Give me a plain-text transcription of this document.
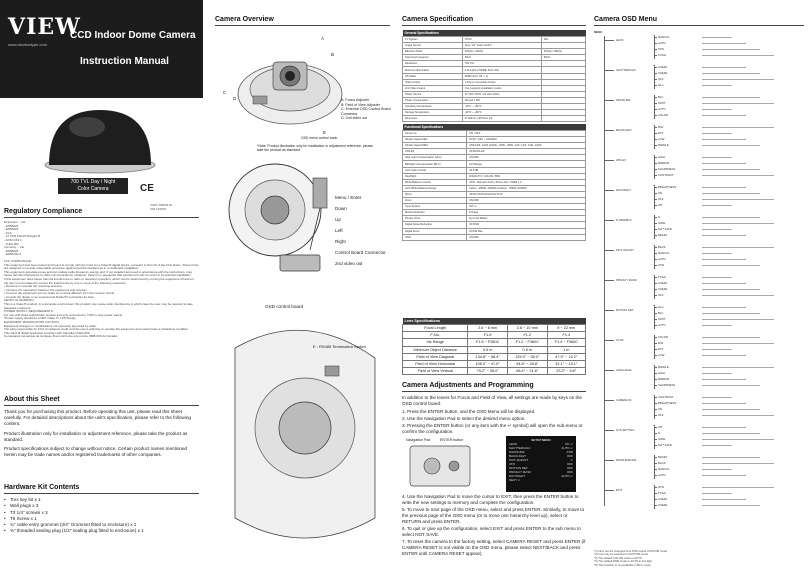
VIEW
www.dwviewtype.com
CCD Indoor Dome Camera
Instruction Manual
700 TVL Day / Night
Color Camera	CE
VS37-700FIN-W
VW-713070
Regulatory Compliance
Emissions: - CE
- EN55022
- EN55022
- FCC
- 47 CFR Part15 Subpart B
- ANSI C63.4
- ICES-003
Immunity: - CE
- EN55024
- EN50130-4
FCC COMPLIANCE:
This equipment has been tested and found to comply with the limits for a Class B digital device, pursuant to Part 15 of the FCC Rules. These limits are designed to provide reasonable protection against harmful interference in a residential installation.
This equipment generates uses and can radiate radio frequency energy and, if not installed and used in accordance with the instructions, may cause harmful interference to radio communications. However, there is no guarantee that interference will not occur in a particular installation.
If this equipment does cause harmful interference to radio or television reception, which can be determined by turning the equipment off and on, the user is encouraged to correct the interference by one or more of the following measures:
• Reorient or relocate the receiving antenna.
• Increase the separation between the equipment and receiver.
• Connect the equipment into an outlet on a circuit different from the receiver circuit.
• Consult the dealer or an experienced Radio/TV technician for help.
CE/IPX LE WARNING
This is a Class B product. In a domestic environment this product may cause radio interference in which case the user may be required to take adequate measures.
POWER SUPPLY REQUIREMENTS:
For use with listed Audio/Video product and only connected to 7/3W or less power supply.
*Power supply should be a NEC Class 2 / LPS Supply.
EQUIPMENT MODIFICATION CAUTION:
Equipment changes or modifications not expressly approved by seller.
The party responsible for FCC compliance could void the user's authority to operate the equipment and could create a hazardous condition.
This class B digital apparatus complies with Canadian ICES-003.
Cet appareil numerique de la classe B est conforme a la norme NMB-003 du Canada.
About this Sheet

Thank you for purchasing this product. Before operating this unit, please read this sheet carefully. For detailed descriptions about the unit's specification, please refer to the following content.

Product illustration only for installation or adjustment reference, please take the product as standard.

Product specifications subject to change without notice. Certain product names mentioned herein may be trade names and/or registered trademarks of other companies.

Hardware Kit Contents
• Torx key bit x 1
• Wall plugs x 3
• T3 1/4" screws x 3
• T6 Screw x 1
• ¾" cable entry grommet (3/4" Grommet fitted to enclosure) x 1
• ⅜" threaded sealing plug (1/2" sealing plug fitted to enclosure) x 1
Camera Overview
A
B
C
D
E
A: Focus Adjuster
B: Field of View Adjuster
C: External OSD Control Board Connector
D: 2nd video out
OSD menu control bank
*Note: Product illustration only for installation or adjustment reference, please take the product as standard.
Menu / Enter
Down
Up
Left
Right
Control Board Connector
2nd video out
OSD control board
E : RS485 Termination Switch
Camera Specification
General Specifications		
TV System	NTSC	PAL
Image Sensor	Sony 1/3" Super HAD II	
Effective Pixels	976(H) x 494(V)	976(H) x 582(V)
Scanning Frequency	60Hz	50Hz
Resolution	700 TVL	
Minimum Illumination	0.3Lux(F1.2,50IRE, AGC ON)	
S/N Ratio	50dB (AGC Off, ≥ 1)	
Video Output	1.0Vp-p Composite Output	
2nd Video Output	Yes (supports installation mode)	
Power Source	12 VDC ±10% / 24 VAC ±10%	
Power Consumption	Normal 1.2W	
Operating Temperature	-10°C ~ +50°C	
Storage Temperature	-20°C ~ +60°C	
Dimension	Φ 110mm x 96.5mm (H)	
Functional Specifications	
Sense Up	ON / OFF
Shutter Speed AES	NTSC: 1/60 ~ 1/100000
Shutter Speed MES	1/50-1/60, 1/120 (1/100), 1/250, 1/500, 1/1K, 1/2K, 1/4K, 1/10K
ATR-EX	OFF/ATR-EX
High Light Compensation (HLC)	ON/OFF
Backlight Compensation (BLC)	Full Range
AGC Gain Control	44.8 dB
Day/Night	DIN/AUTO / COLOR / B/W
White Balance Control	ATW / Manual / Push / Push Lock / USER 1,2
Auto White Balance Range	Indoor : 2800K~10000K Outdoor : 3000K~10000K
Mirror	OFF/V-FLIP/H-FLIP/HV-FLIP
Zoom	ON/OFF
Sync System	INT / L
Motion Detection	8 Areas
Privacy Zone	Up to 15 Masks
Digital Noise Reduction	3D DNR
Digital Zoom	ZOOM Max
OSD	ON/OFF
Lens Specifications			
Focal Length	2.6 ~ 6 mm	2.8 ~ 10 mm	9 ~ 22 mm
F-No.	F1.6	F1.2	F1.4
Iris Range	F1.6 ~ F360C	F1.2 ~ F360C	F1.4 ~ F360C
Minimum Object Distance	0.5 m	0.5 m	1 m
Field of View Diagonal	134.8° ~ 58.4°	125.9° ~ 36.0°	47.9° ~ 15.2°
Field of View Horizontal	106.0° ~ 47.0°	94.6° ~ 28.8°	32.1° ~ 15.1°
Field of View Vertical	79.2° ~ 35.0°	68.4° ~ 21.6°	23.3° ~ 9.6°
Camera Adjustments and Programming

In addition to the levers for Focus and Field of View, all settings are made by keys on the OSD control board.

1. Press the ENTER button, and the OSD Menu will be displayed.

2. Use the Navigation Pad to select the desired menu option.

3. Pressing the ENTER button (or any item with the ↵ symbol) will open the sub-menu or confirm the configuration.

Navigation Pad	ENTER button	SETUP MENU
LENS	DC ↵
SHUTTER/AGC	AUTO ↵
WHITE BAL	ATW
BACKLIGHT	OFF
PICT ADJUST	↵
ATR	OFF
MOTION DET	OFF
PRIVACY MASK	OFF
DAY/NIGHT	AUTO ↵
NEXT ↵

4. Use the Navigation Pad to move the cursor to EXIT, then press the ENTER button to write the new settings to memory and complete the configuration.

5. To move to next page of the OSD menu, select and press ENTER. Similarly, to move to the previous page of the OSD menu (or to move one hierarchy level up), select or RETURN and press ENTER.

6. To quit or give up the configuration, select EXIT and press ENTER to the sub menu to select NOT SAVE.

7. To reset the camera to the factory setting, select CAMERA RESET and press ENTER (if CAMERA RESET is not visible on the OSD menu, please select NEXT/BACK and press ENTER until CAMERA RESET appear).

Camera OSD Menu
MENU
LENS
MANUAL
AUTO
ATW
PUSH
SHUTTER/AGC
USER1
USER2
OFF
HLC
WHITE BAL
BLC
SPOT
AUTO
COLOR
BACKLIGHT
B/W
EXT
LOW
MIDDLE
ATR-EX
HIGH
MIRROR
SHARPNESS
CONTRAST
DAY/NIGHT
BRIGHTNESS
ON
OFF
INT
D-WDR/BLC
LL
SAVE
NOT SAVE
RESET
PICT ADJUST
BACK
MANUAL
AUTO
ATW
PRIVACY MASK
PUSH
USER1
USER2
OFF
MOTION DET
HLC
BLC
SPOT
AUTO
SYNC
COLOR
B/W
EXT
LOW
LANGUAGE
MIDDLE
HIGH
MIRROR
SHARPNESS
CAMERA ID
CONTRAST
BRIGHTNESS
ON
OFF
SYS SETTING
INT
LL
SAVE
NOT SAVE
MAINTENANCE
RESET
BACK
MANUAL
AUTO
EXIT
ATW
PUSH
USER1
USER2
*1) Only can be changed from ATW output CUSTOM mode.
*2) Can only be selected in CUSTOM mode.
*3) The default COLOR mode is AUTO.
*4) The default DNR mode is AUTO in low light.
*5) This function is not available in BLC mode.
